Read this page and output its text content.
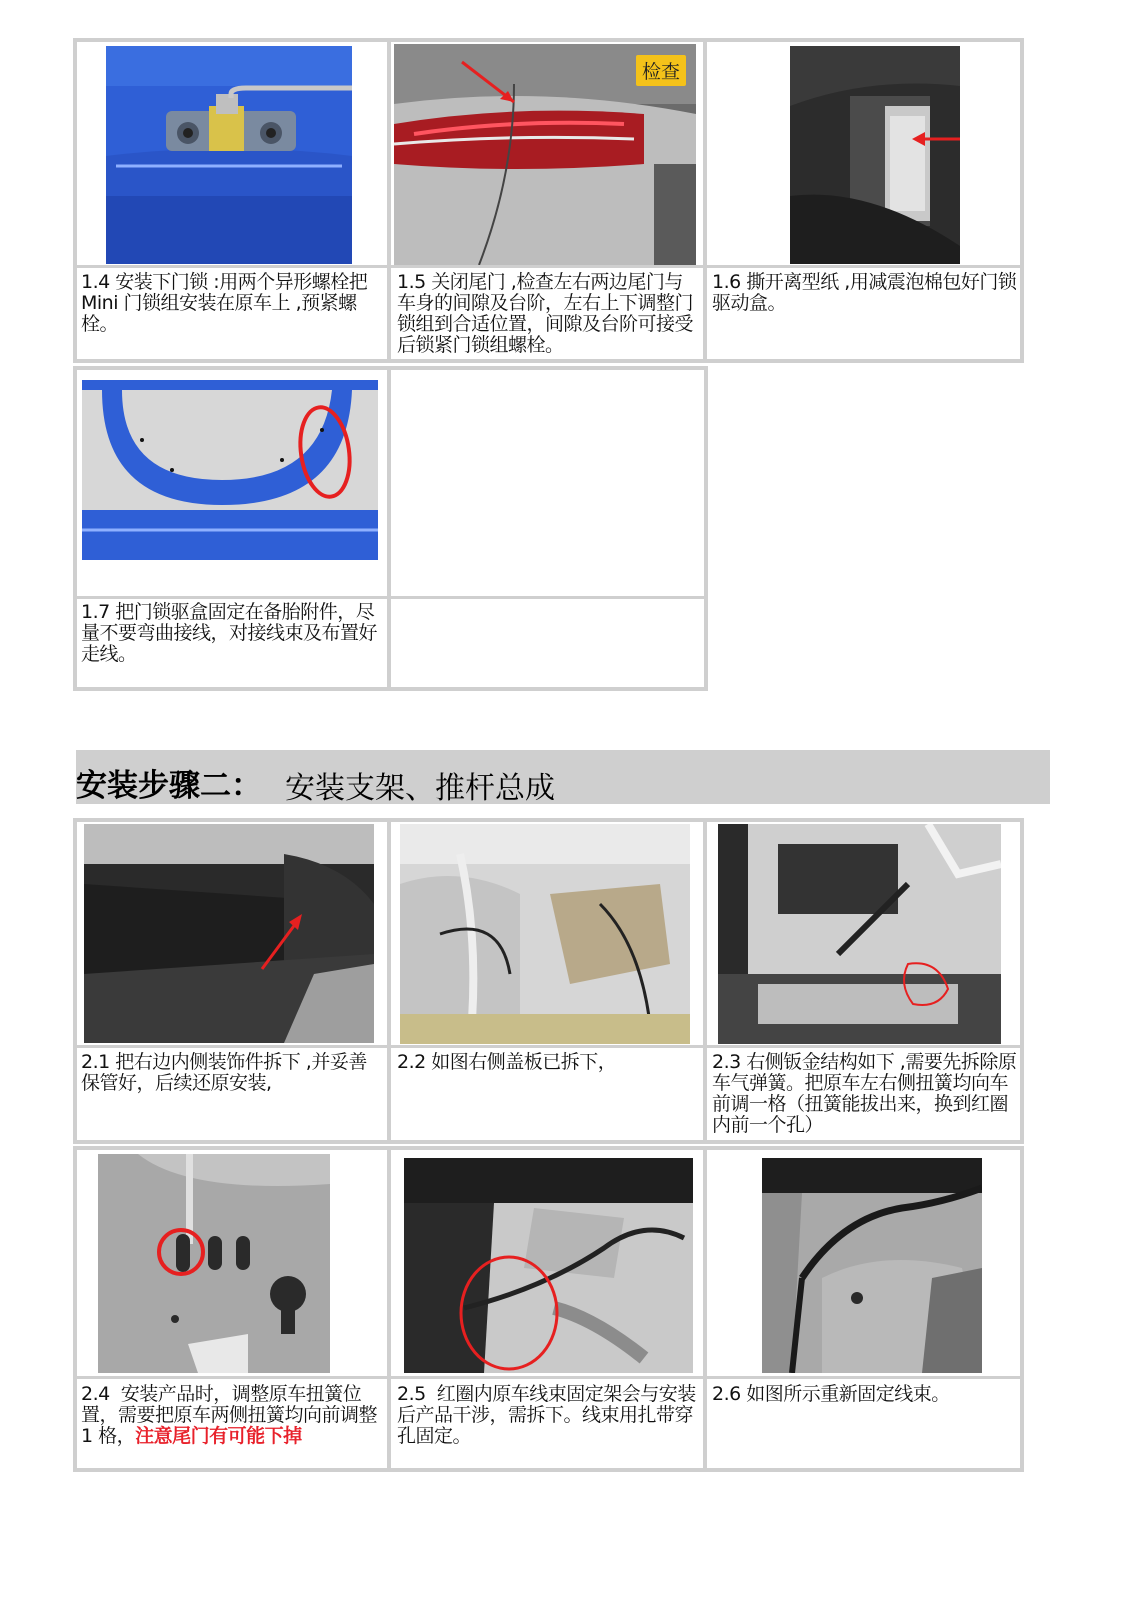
检查
1.4 安装下门锁 :用两个异形螺栓把 Mini 门锁组安装在原车上 ,预紧螺栓。
1.5 关闭尾门 ,检查左右两边尾门与车身的间隙及台阶，左右上下调整门锁组到合适位置，间隙及台阶可接受后锁紧门锁组螺栓。
1.6 撕开离型纸 ,用减震泡棉包好门锁驱动盒。
1.7 把门锁驱盒固定在备胎附件，尽量不要弯曲接线，对接线束及布置好走线。
安装步骤二： 安装支架、推杆总成
2.1 把右边内侧装饰件拆下 ,并妥善保管好，后续还原安装,
2.2 如图右侧盖板已拆下，	2.3 右侧钣金结构如下 ,需要先拆除原车气弹簧。把原车左右侧扭簧均向车前调一格（扭簧能拔出来，换到红圈内前一个孔）
2.4  安装产品时，调整原车扭簧位置，需要把原车两侧扭簧均向前调整 1 格，注意尾门有可能下掉
2.5  红圈内原车线束固定架会与安装后产品干涉，需拆下。线束用扎带穿孔固定。
2.6 如图所示重新固定线束。
